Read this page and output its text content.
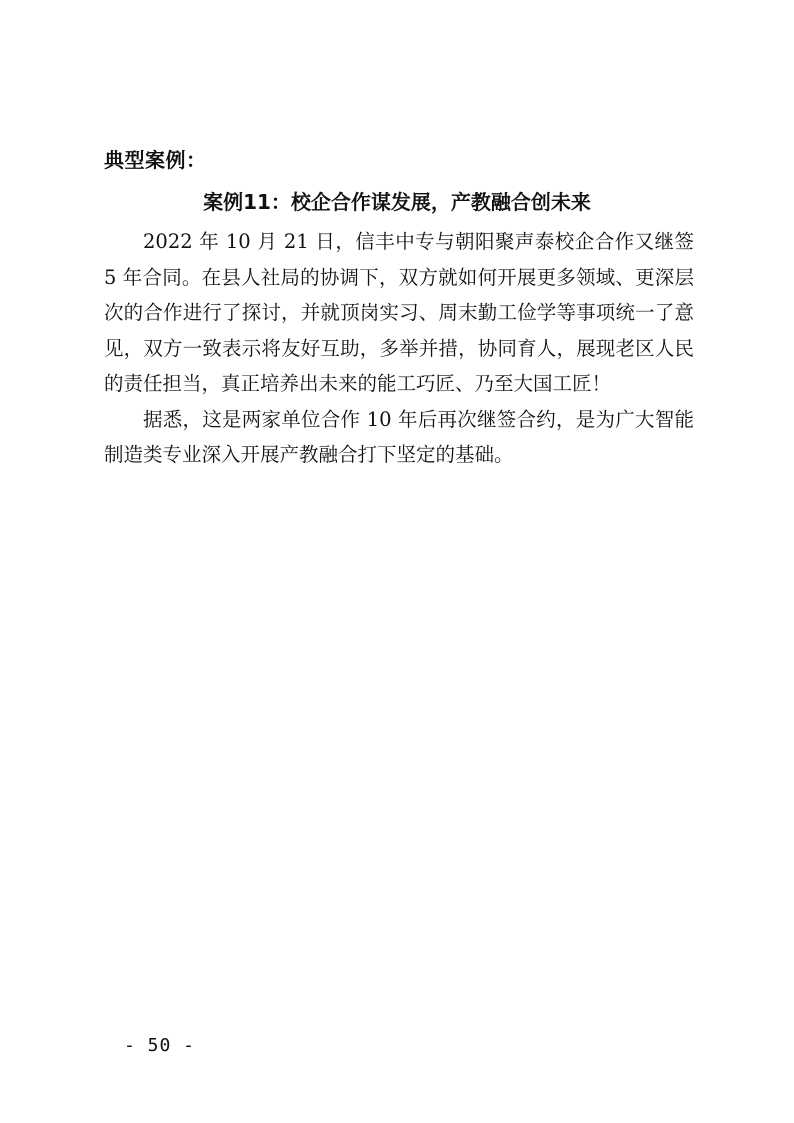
典型案例：
案例11：校企合作谋发展，产教融合创未来

2022 年 10 月 21 日，信丰中专与朝阳聚声泰校企合作又继签 5 年合同。在县人社局的协调下，双方就如何开展更多领域、更深层次的合作进行了探讨，并就顶岗实习、周末勤工俭学等事项统一了意见，双方一致表示将友好互助，多举并措，协同育人，展现老区人民的责任担当，真正培养出未来的能工巧匠、乃至大国工匠！

据悉，这是两家单位合作 10 年后再次继签合约，是为广大智能制造类专业深入开展产教融合打下坚定的基础。

- 50 -
